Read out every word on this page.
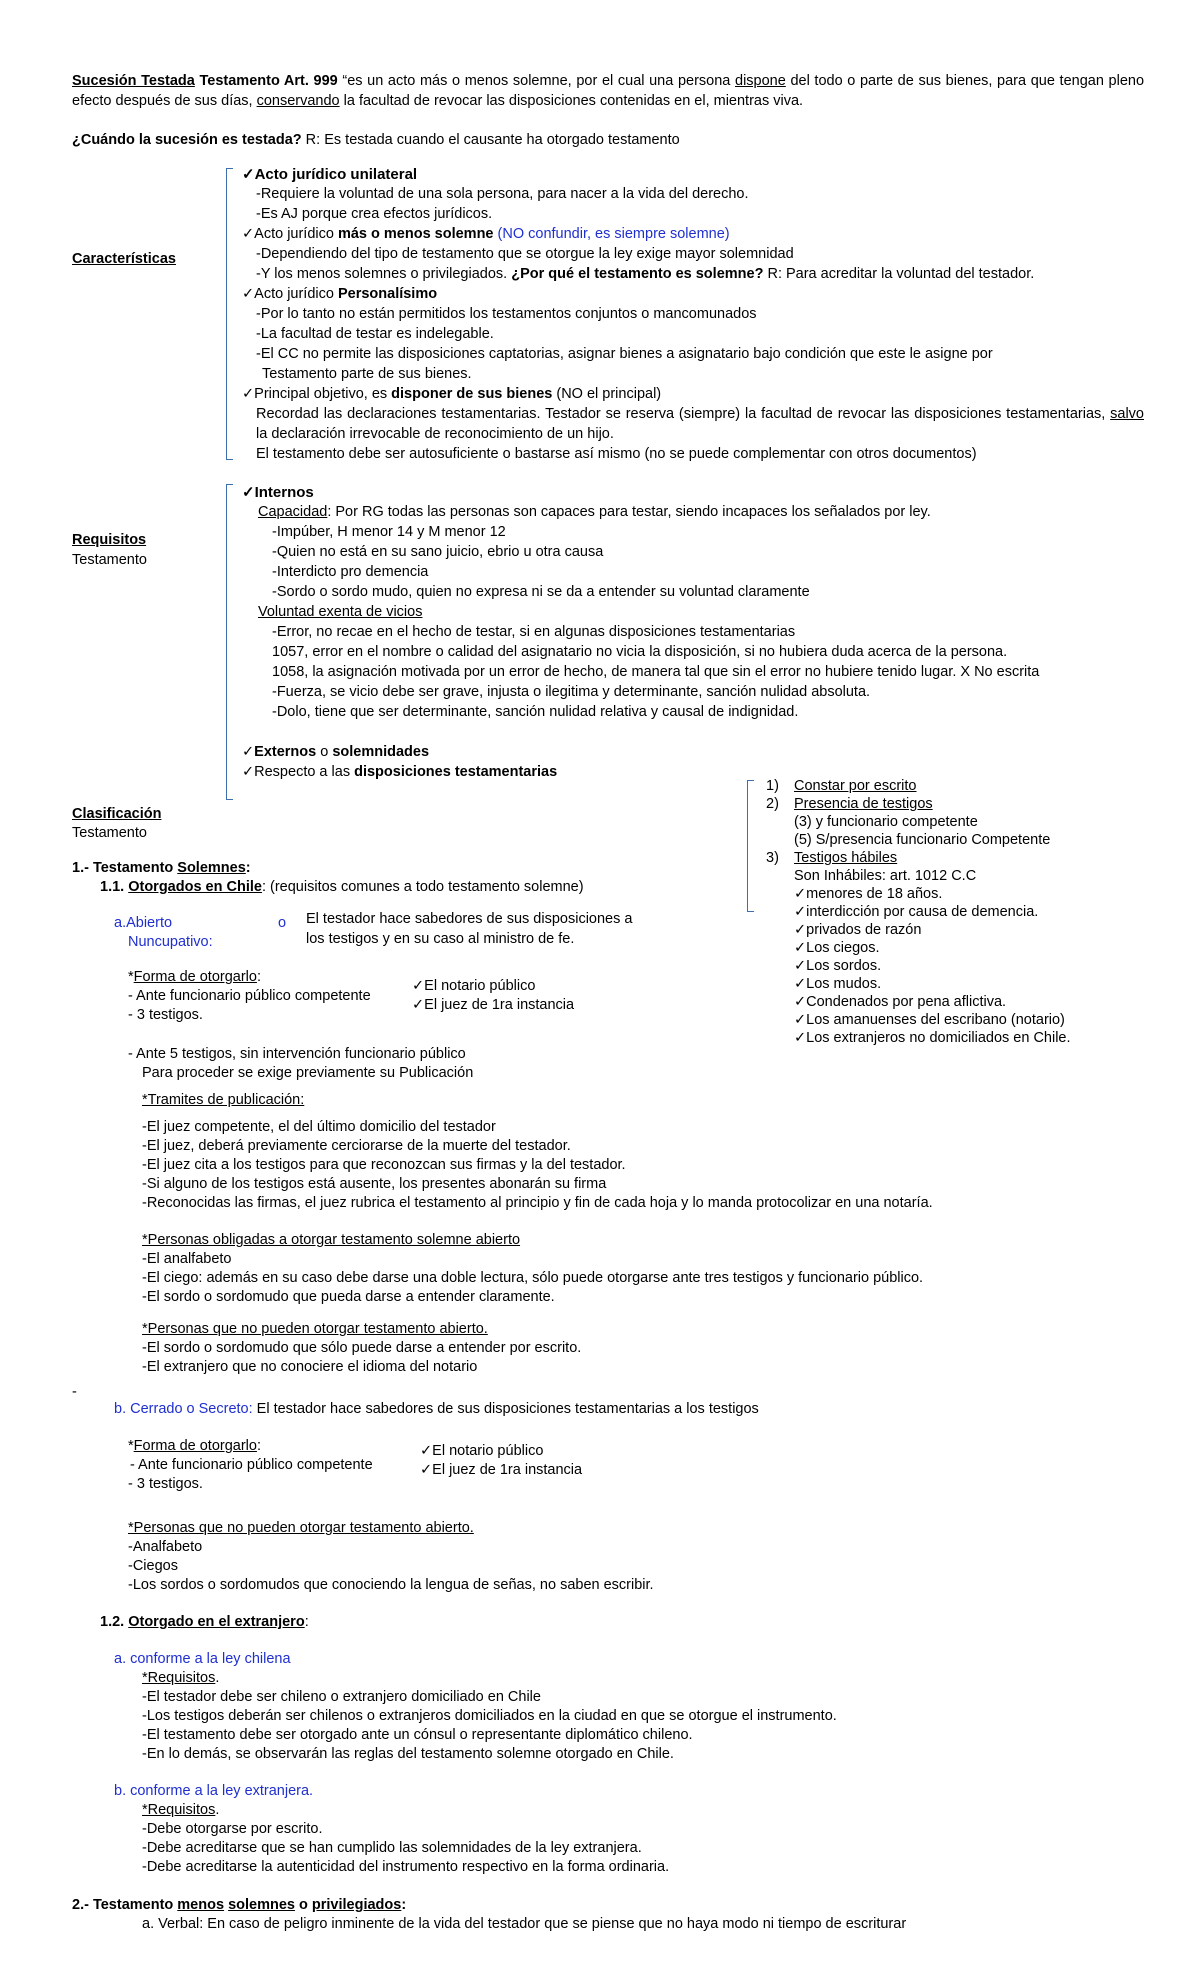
Sucesión Testada Testamento Art. 999 “es un acto más o menos solemne, por el cual una persona dispone del todo o parte de sus bienes, para que tengan pleno efecto después de sus días, conservando la facultad de revocar las disposiciones contenidas en el, mientras viva.
¿Cuándo la sucesión es testada? R: Es testada cuando el causante ha otorgado testamento
Características
✓Acto jurídico unilateral
-Requiere la voluntad de una sola persona, para nacer a la vida del derecho.
-Es AJ porque crea efectos jurídicos.
✓Acto jurídico más o menos solemne (NO confundir, es siempre solemne)
-Dependiendo del tipo de testamento que se otorgue la ley exige mayor solemnidad
-Y los menos solemnes o privilegiados. ¿Por qué el testamento es solemne? R: Para acreditar la voluntad del testador.
✓Acto jurídico Personalísimo
-Por lo tanto no están permitidos los testamentos conjuntos o mancomunados
-La facultad de testar es indelegable.
-El CC no permite las disposiciones captatorias, asignar bienes a asignatario bajo condición que este le asigne por
Testamento parte de sus bienes.
✓Principal objetivo, es disponer de sus bienes (NO el principal)
Recordad las declaraciones testamentarias. Testador se reserva (siempre) la facultad de revocar las disposiciones testamentarias, salvo la declaración irrevocable de reconocimiento de un hijo.
El testamento debe ser autosuficiente o bastarse así mismo (no se puede complementar con otros documentos)
Requisitos
Testamento
✓Internos
Capacidad: Por RG todas las personas son capaces para testar, siendo incapaces los señalados por ley.
-Impúber, H menor 14 y M menor 12
-Quien no está en su sano juicio, ebrio u otra causa
-Interdicto pro demencia
-Sordo o sordo mudo, quien no expresa ni se da a entender su voluntad claramente
Voluntad exenta de vicios
-Error, no recae en el hecho de testar, si en algunas disposiciones testamentarias
1057, error en el nombre o calidad del asignatario no vicia la disposición, si no hubiera duda acerca de la persona.
1058, la asignación motivada por un error de hecho, de manera tal que sin el error no hubiere tenido lugar. X No escrita
-Fuerza, se vicio debe ser grave, injusta o ilegitima y determinante, sanción nulidad absoluta.
-Dolo, tiene que ser determinante, sanción nulidad relativa y causal de indignidad.
✓Externos o solemnidades
✓Respecto a las disposiciones testamentarias
1) Constar por escrito
2) Presencia de testigos
(3) y funcionario competente
(5) S/presencia funcionario Competente
3) Testigos hábiles
Son Inhábiles: art. 1012 C.C
✓menores de 18 años.
✓interdicción por causa de demencia.
✓privados de razón
✓Los ciegos.
✓Los sordos.
✓Los mudos.
✓Condenados por pena aflictiva.
✓Los amanuenses del escribano (notario)
✓Los extranjeros no domiciliados en Chile.
Clasificación
Testamento
1.- Testamento Solemnes:
1.1. Otorgados en Chile: (requisitos comunes a todo testamento solemne)
a.Abierto
Nuncupativo:
o El testador hace sabedores de sus disposiciones a
los testigos y en su caso al ministro de fe.
*Forma de otorgarlo:
- Ante funcionario público competente
- 3 testigos.
✓El notario público
✓El juez de 1ra instancia
- Ante 5 testigos, sin intervención funcionario público
Para proceder se exige previamente su Publicación
*Tramites de publicación:
-El juez competente, el del último domicilio del testador
-El juez, deberá previamente cerciorarse de la muerte del testador.
-El juez cita a los testigos para que reconozcan sus firmas y la del testador.
-Si alguno de los testigos está ausente, los presentes abonarán su firma
-Reconocidas las firmas, el juez rubrica el testamento al principio y fin de cada hoja y lo manda protocolizar en una notaría.
*Personas obligadas a otorgar testamento solemne abierto
-El analfabeto
-El ciego: además en su caso debe darse una doble lectura, sólo puede otorgarse ante tres testigos y funcionario público.
-El sordo o sordomudo que pueda darse a entender claramente.
*Personas que no pueden otorgar testamento abierto.
-El sordo o sordomudo que sólo puede darse a entender por escrito.
-El extranjero que no conociere el idioma del notario
-
b. Cerrado o Secreto: El testador hace sabedores de sus disposiciones testamentarias a los testigos
*Forma de otorgarlo:
- Ante funcionario público competente
- 3 testigos.
✓El notario público
✓El juez de 1ra instancia
*Personas que no pueden otorgar testamento abierto.
-Analfabeto
-Ciegos
-Los sordos o sordomudos que conociendo la lengua de señas, no saben escribir.
1.2. Otorgado en el extranjero:
a. conforme a la ley chilena
*Requisitos.
-El testador debe ser chileno o extranjero domiciliado en Chile
-Los testigos deberán ser chilenos o extranjeros domiciliados en la ciudad en que se otorgue el instrumento.
-El testamento debe ser otorgado ante un cónsul o representante diplomático chileno.
-En lo demás, se observarán las reglas del testamento solemne otorgado en Chile.
b. conforme a la ley extranjera.
*Requisitos.
-Debe otorgarse por escrito.
-Debe acreditarse que se han cumplido las solemnidades de la ley extranjera.
-Debe acreditarse la autenticidad del instrumento respectivo en la forma ordinaria.
2.- Testamento menos solemnes o privilegiados:
a. Verbal: En caso de peligro inminente de la vida del testador que se piense que no haya modo ni tiempo de escriturar
